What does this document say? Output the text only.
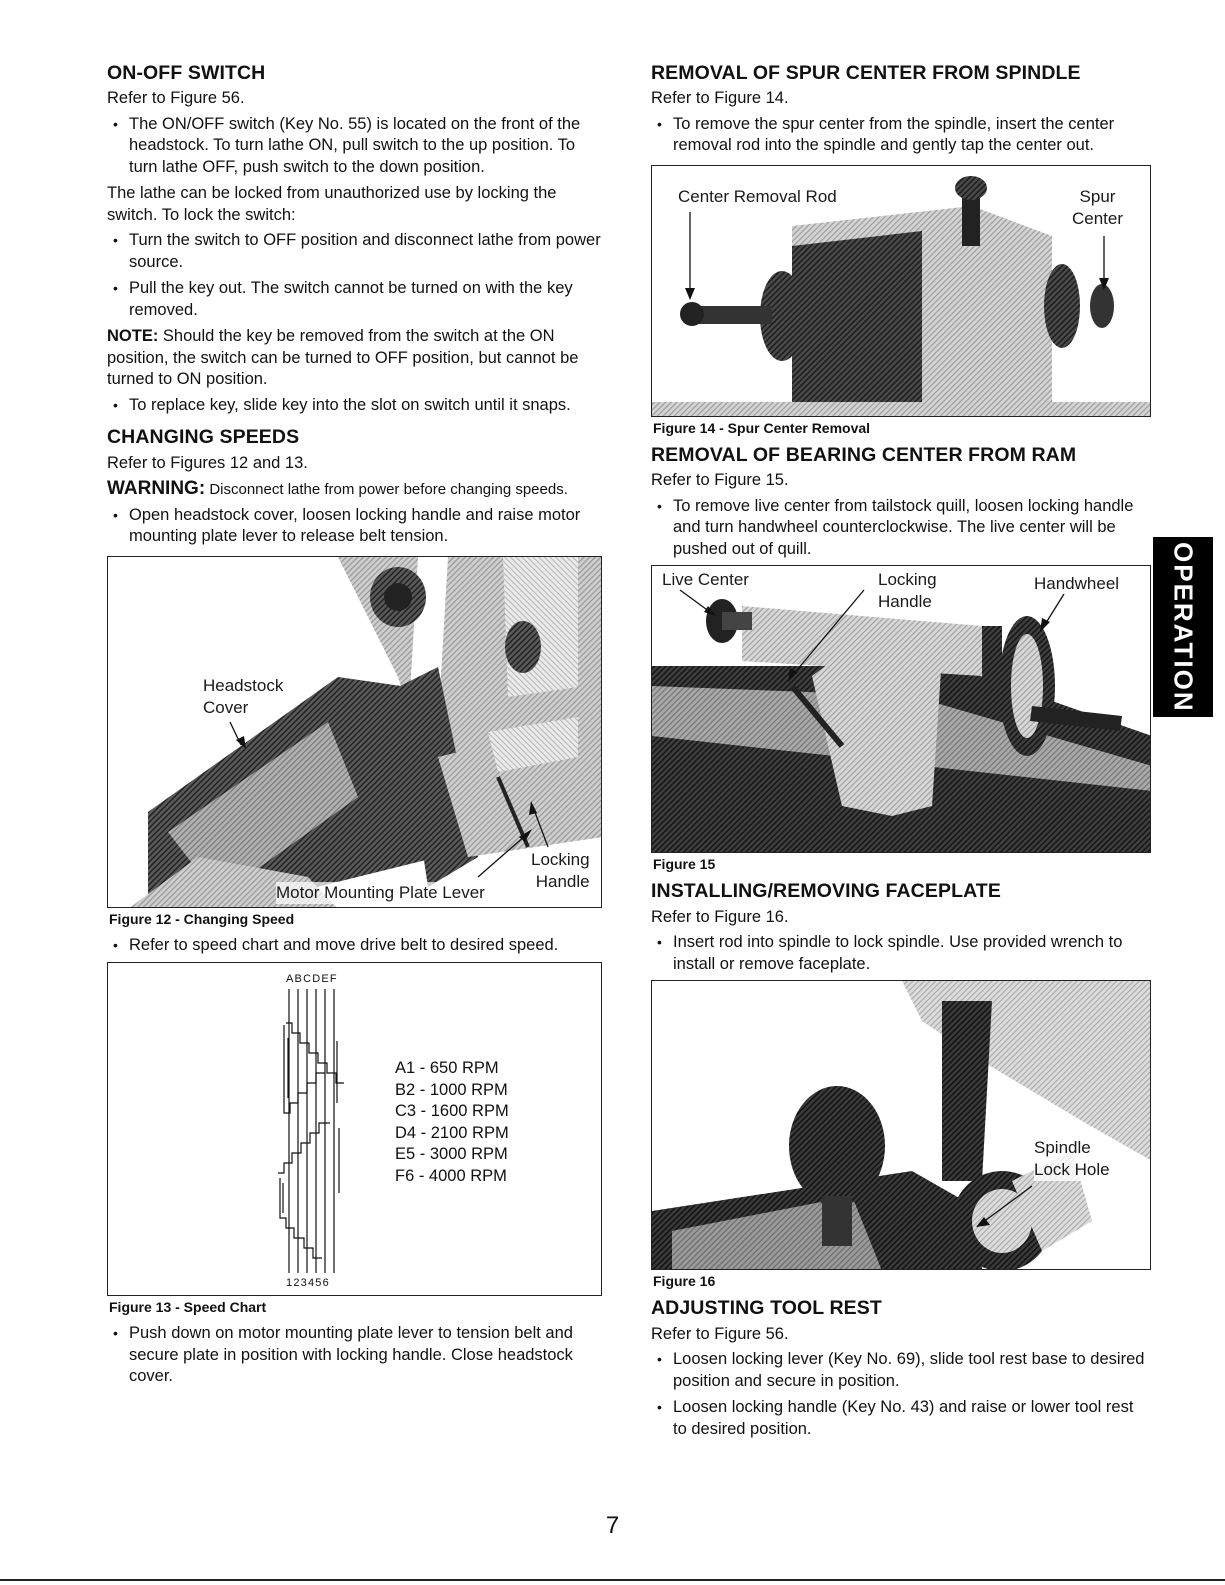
ON-OFF SWITCH

Refer to Figure 56.

• The ON/OFF switch (Key No. 55) is located on the front of the headstock. To turn lathe ON, pull switch to the up position. To turn lathe OFF, push switch to the down position.

The lathe can be locked from unauthorized use by locking the switch. To lock the switch:

• Turn the switch to OFF position and disconnect lathe from power source.
• Pull the key out. The switch cannot be turned on with the key removed.

NOTE: Should the key be removed from the switch at the ON position, the switch can be turned to OFF position, but cannot be turned to ON position.

• To replace key, slide key into the slot on switch until it snaps.
CHANGING SPEEDS

Refer to Figures 12 and 13.

WARNING: Disconnect lathe from power before changing speeds.

• Open headstock cover, loosen locking handle and raise motor mounting plate lever to release belt tension.
Headstock
Cover
Motor Mounting Plate Lever
Locking
Handle
Figure 12 - Changing Speed
• Refer to speed chart and move drive belt to desired speed.
ABCDEF
A1 - 650 RPM
B2 - 1000 RPM
C3 - 1600 RPM
D4 - 2100 RPM
E5 - 3000 RPM
F6 - 4000 RPM
123456
Figure 13 - Speed Chart
• Push down on motor mounting plate lever to tension belt and secure plate in position with locking handle. Close headstock cover.
REMOVAL OF SPUR CENTER FROM SPINDLE

Refer to Figure 14.

• To remove the spur center from the spindle, insert the center removal rod into the spindle and gently tap the center out.
Center Removal Rod	Spur
Center
Figure 14 - Spur Center Removal
REMOVAL OF BEARING CENTER FROM RAM

Refer to Figure 15.

• To remove live center from tailstock quill, loosen locking handle and turn handwheel counterclockwise. The live center will be pushed out of quill.
Live Center	Locking
Handle
Handwheel
Figure 15
INSTALLING/REMOVING FACEPLATE

Refer to Figure 16.

• Insert rod into spindle to lock spindle. Use provided wrench to install or remove faceplate.
Spindle
Lock Hole
Figure 16
ADJUSTING TOOL REST

Refer to Figure 56.

• Loosen locking lever (Key No. 69), slide tool rest base to desired position and secure in position.
• Loosen locking handle (Key No. 43) and raise or lower tool rest to desired position.
OPERATION
7
